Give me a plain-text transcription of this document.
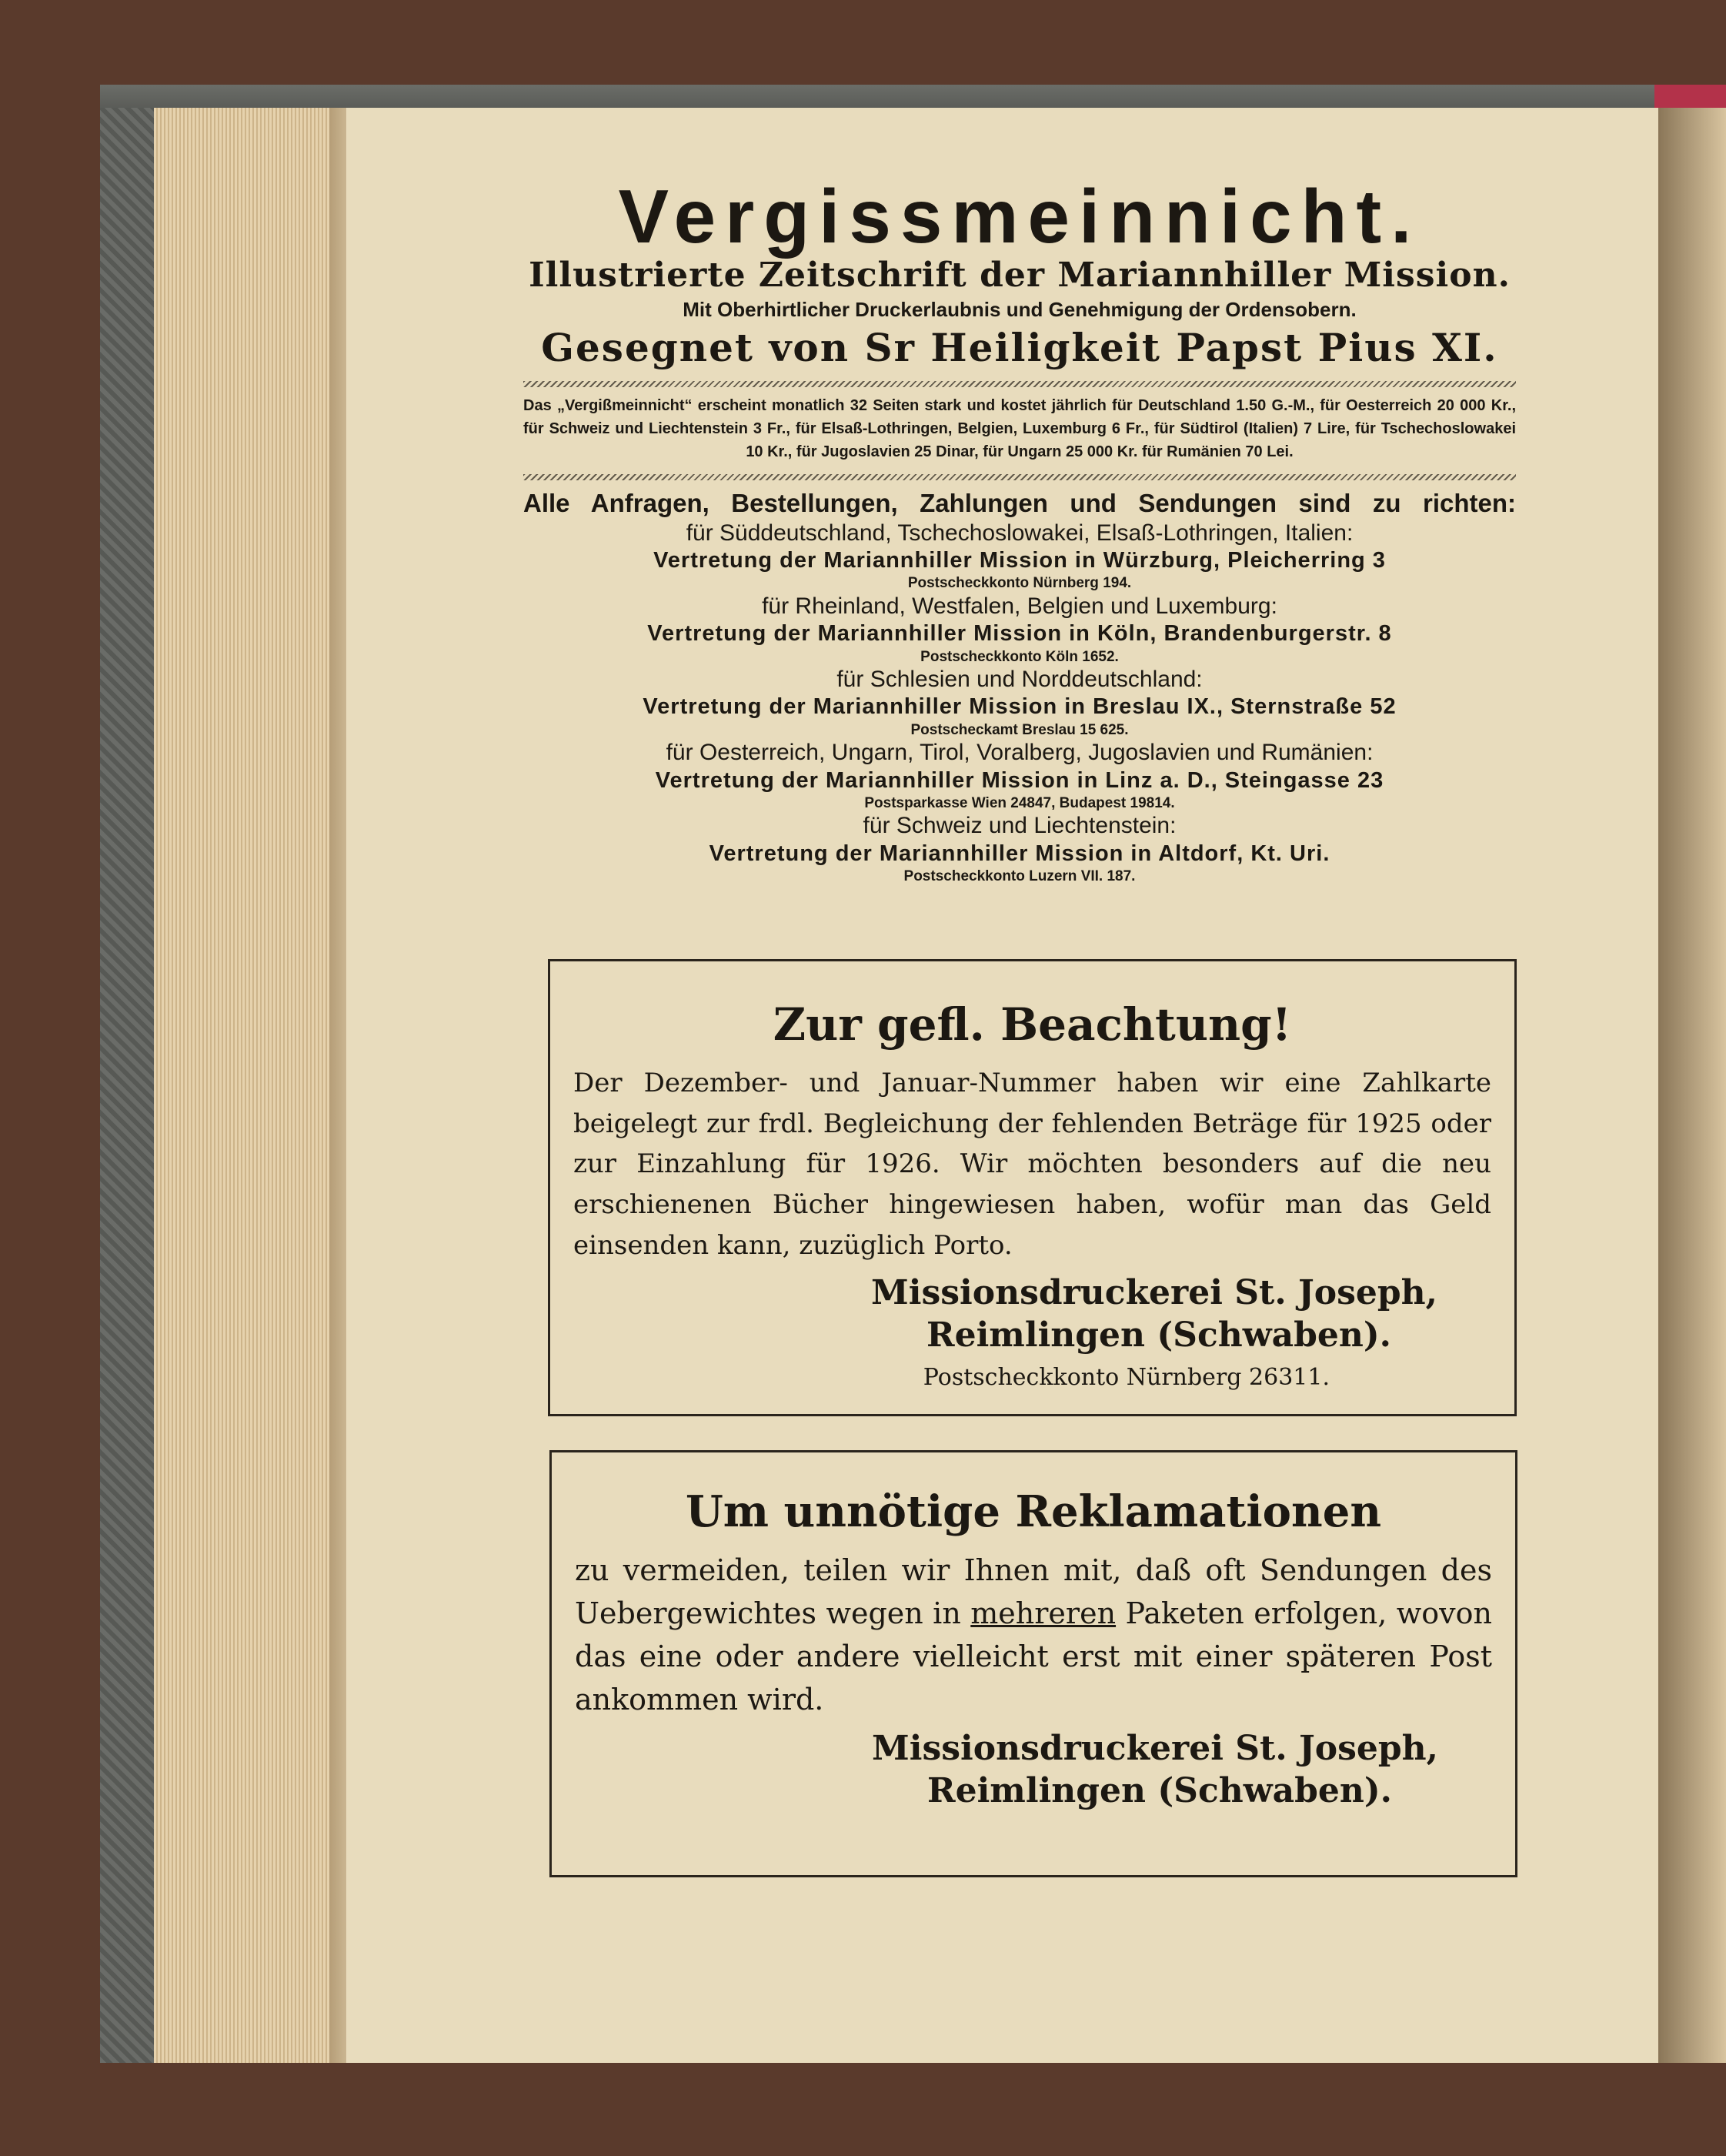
Vergissmeinnicht.
Illustrierte Zeitschrift der Mariannhiller Mission.
Mit Oberhirtlicher Druckerlaubnis und Genehmigung der Ordensobern.
Gesegnet von Sr Heiligkeit Papst Pius XI.
Das „Vergißmeinnicht“ erscheint monatlich 32 Seiten stark und kostet jährlich für Deutschland 1.50 G.-M., für Oesterreich 20 000 Kr., für Schweiz und Liechtenstein 3 Fr., für Elsaß-Lothringen, Belgien, Luxemburg 6 Fr., für Südtirol (Italien) 7 Lire, für Tschechoslowakei 10 Kr., für Jugoslavien 25 Dinar, für Ungarn 25 000 Kr. für Rumänien 70 Lei.
Alle Anfragen, Bestellungen, Zahlungen und Sendungen sind zu richten:
für Süddeutschland, Tschechoslowakei, Elsaß-Lothringen, Italien:
Vertretung der Mariannhiller Mission in Würzburg, Pleicherring 3
Postscheckkonto Nürnberg 194.
für Rheinland, Westfalen, Belgien und Luxemburg:
Vertretung der Mariannhiller Mission in Köln, Brandenburgerstr. 8
Postscheckkonto Köln 1652.
für Schlesien und Norddeutschland:
Vertretung der Mariannhiller Mission in Breslau IX., Sternstraße 52
Postscheckamt Breslau 15 625.
für Oesterreich, Ungarn, Tirol, Voralberg, Jugoslavien und Rumänien:
Vertretung der Mariannhiller Mission in Linz a. D., Steingasse 23
Postsparkasse Wien 24847, Budapest 19814.
für Schweiz und Liechtenstein:
Vertretung der Mariannhiller Mission in Altdorf, Kt. Uri.
Postscheckkonto Luzern VII. 187.
Zur gefl. Beachtung!
Der Dezember- und Januar-Nummer haben wir eine Zahlkarte beigelegt zur frdl. Begleichung der fehlenden Beträge für 1925 oder zur Einzahlung für 1926. Wir möchten besonders auf die neu erschienenen Bücher hingewiesen haben, wofür man das Geld einsenden kann, zuzüglich Porto.
Missionsdruckerei St. Joseph,
Reimlingen (Schwaben).
Postscheckkonto Nürnberg 26311.
Um unnötige Reklamationen
zu vermeiden, teilen wir Ihnen mit, daß oft Sendungen des Uebergewichtes wegen in mehreren Paketen erfolgen, wovon das eine oder andere vielleicht erst mit einer späteren Post ankommen wird.
Missionsdruckerei St. Joseph,
Reimlingen (Schwaben).
